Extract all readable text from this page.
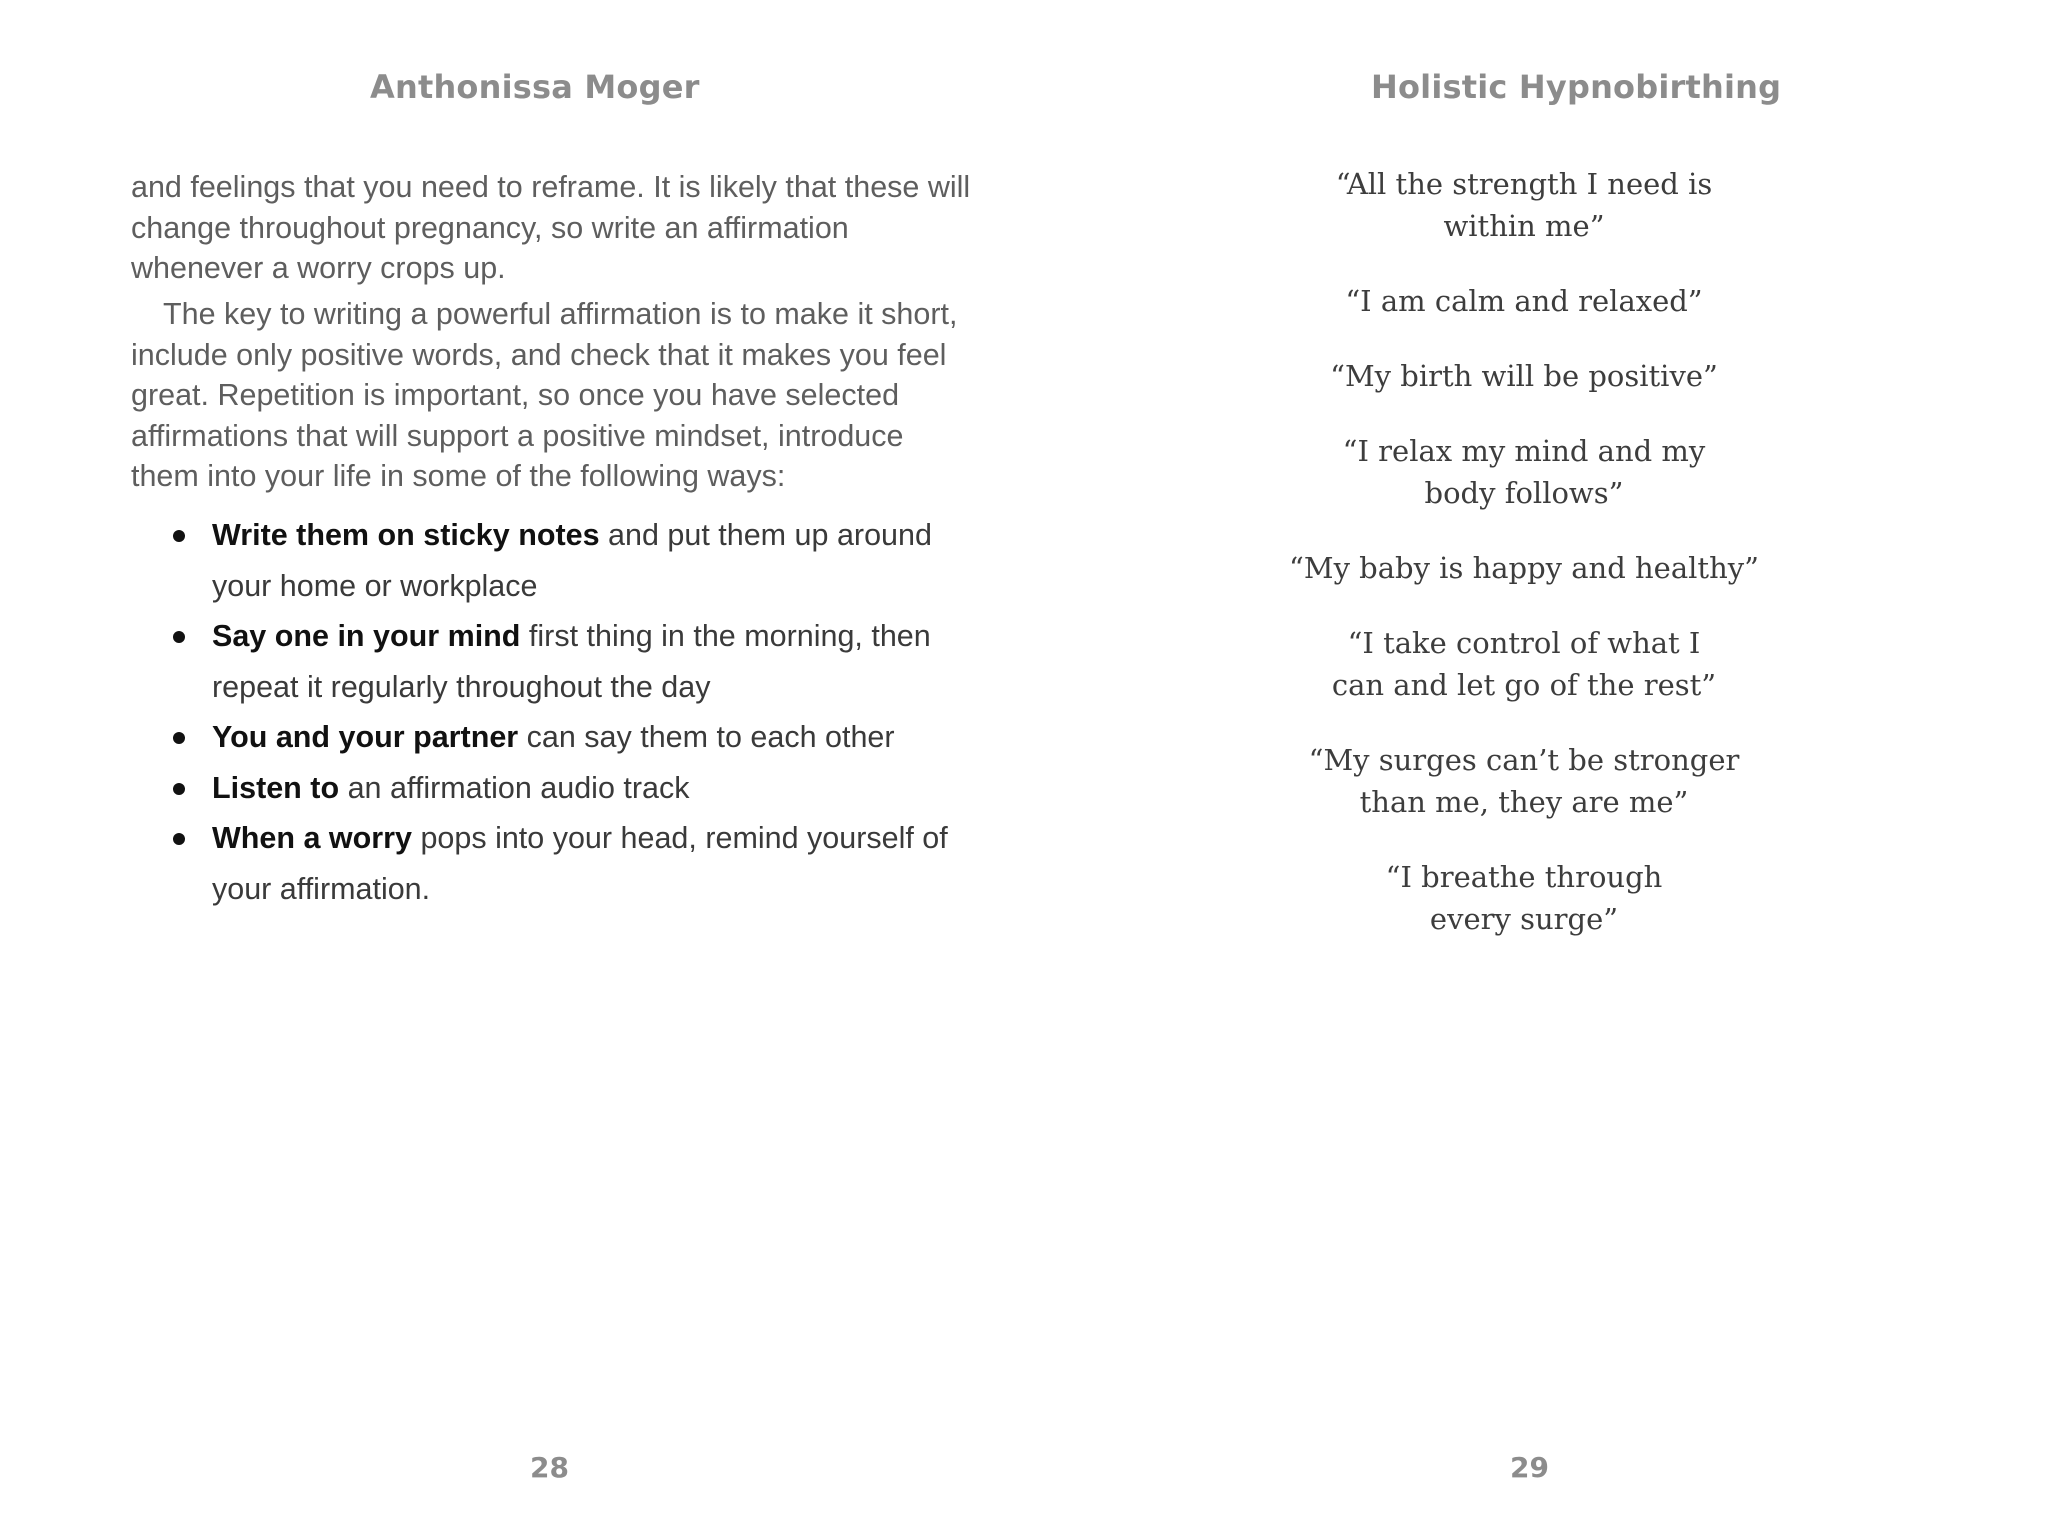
Anthonissa Moger

and feelings that you need to reframe. It is likely that these will change throughout pregnancy, so write an affirmation whenever a worry crops up.

The key to writing a powerful affirmation is to make it short, include only positive words, and check that it makes you feel great. Repetition is important, so once you have selected affirmations that will support a positive mindset, introduce them into your life in some of the following ways:

Write them on sticky notes and put them up around your home or workplace
Say one in your mind first thing in the morning, then repeat it regularly throughout the day
You and your partner can say them to each other
Listen to an affirmation audio track
When a worry pops into your head, remind yourself of your affirmation.
28
Holistic Hypnobirthing

“All the strength I need is
within me”

“I am calm and relaxed”

“My birth will be positive”

“I relax my mind and my
body follows”

“My baby is happy and healthy”

“I take control of what I
can and let go of the rest”

“My surges can’t be stronger
than me, they are me”

“I breathe through
every surge”

29
